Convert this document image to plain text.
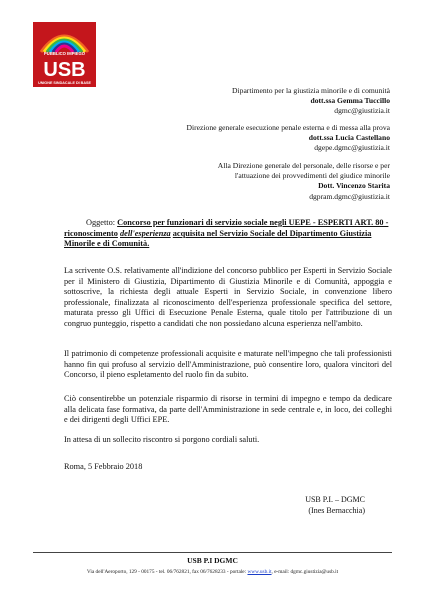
PUBBLICO IMPIEGO
USB
UNIONE SINDACALE DI BASE
Dipartimento per la giustizia minorile e di comunità
dott.ssa Gemma Tuccillo
dgmc@giustizia.it
Direzione generale esecuzione penale esterna e di messa alla prova
dott.ssa Lucia Castellano
dgepe.dgmc@giustizia.it
Alla Direzione generale del personale, delle risorse e per
l'attuazione dei provvedimenti del giudice minorile
Dott. Vincenzo Starita
dgpram.dgmc@giustizia.it
Oggetto: Concorso per funzionari di servizio sociale negli UEPE - ESPERTI ART. 80 - riconoscimento dell'esperienza acquisita nel Servizio Sociale del Dipartimento Giustizia Minorile e di Comunità.
La scrivente O.S. relativamente all'indizione del concorso pubblico per Esperti in Servizio Sociale per il Ministero di Giustizia, Dipartimento di Giustizia Minorile e di Comunità, appoggia e sottoscrive, la richiesta degli attuale Esperti in Servizio Sociale, in convenzione libero professionale, finalizzata al riconoscimento dell'esperienza professionale specifica del settore, maturata presso gli Uffici di Esecuzione Penale Esterna, quale titolo per l'attribuzione di un congruo punteggio, rispetto a candidati che non possiedano alcuna esperienza nell'ambito.
Il patrimonio di competenze professionali acquisite e maturate nell'impegno che tali professionisti hanno fin qui profuso al servizio dell'Amministrazione, può consentire loro, qualora vincitori del Concorso, il pieno espletamento del ruolo fin da subito.
Ciò consentirebbe un potenziale risparmio di risorse in termini di impegno e tempo da dedicare alla delicata fase formativa, da parte dell'Amministrazione in sede centrale e, in loco, dei colleghi e dei dirigenti degli Uffici EPE.
In attesa di un sollecito riscontro si porgono cordiali saluti.
Roma, 5 Febbraio 2018
USB P.I. – DGMC
(Ines Bernacchia)
USB P.I DGMC
Via dell'Aeroporto, 129 - 00175 - tel. 06/762821, fax 06/7628233 - portale: www.usb.it, e-mail: dgmc.giustizia@usb.it
